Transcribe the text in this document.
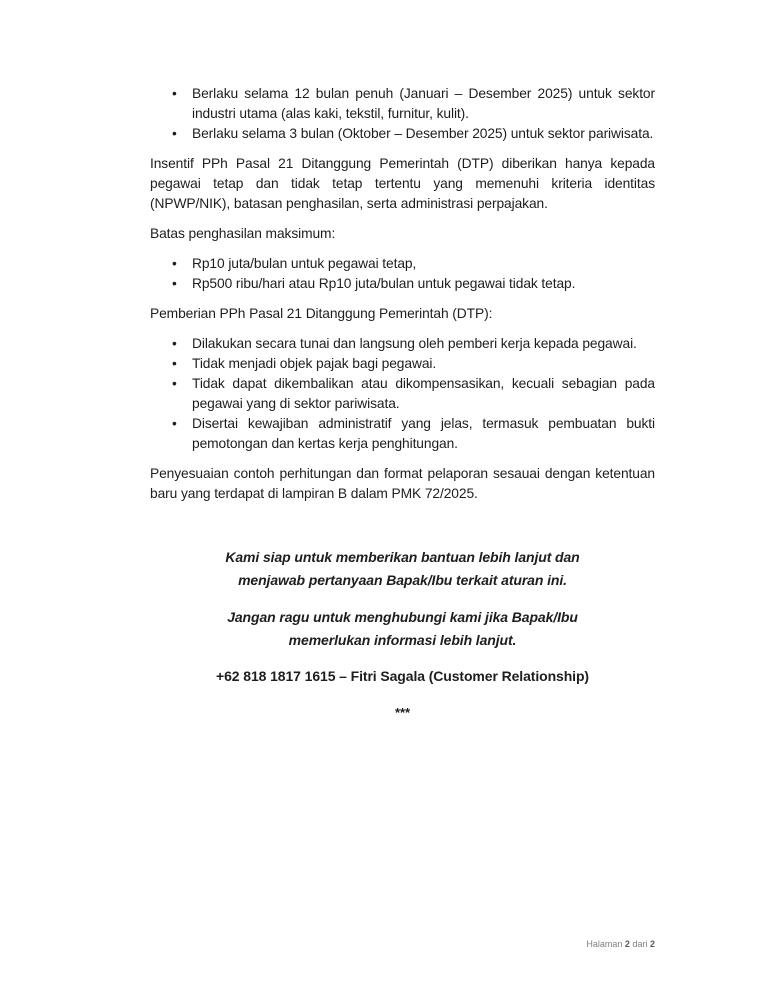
• Berlaku selama 12 bulan penuh (Januari – Desember 2025) untuk sektor industri utama (alas kaki, tekstil, furnitur, kulit).
• Berlaku selama 3 bulan (Oktober – Desember 2025) untuk sektor pariwisata.

Insentif PPh Pasal 21 Ditanggung Pemerintah (DTP) diberikan hanya kepada pegawai tetap dan tidak tetap tertentu yang memenuhi kriteria identitas (NPWP/NIK), batasan penghasilan, serta administrasi perpajakan.

Batas penghasilan maksimum:

• Rp10 juta/bulan untuk pegawai tetap,
• Rp500 ribu/hari atau Rp10 juta/bulan untuk pegawai tidak tetap.

Pemberian PPh Pasal 21 Ditanggung Pemerintah (DTP):

• Dilakukan secara tunai dan langsung oleh pemberi kerja kepada pegawai.
• Tidak menjadi objek pajak bagi pegawai.
• Tidak dapat dikembalikan atau dikompensasikan, kecuali sebagian pada pegawai yang di sektor pariwisata.
• Disertai kewajiban administratif yang jelas, termasuk pembuatan bukti pemotongan dan kertas kerja penghitungan.

Penyesuaian contoh perhitungan dan format pelaporan sesauai dengan ketentuan baru yang terdapat di lampiran B dalam PMK 72/2025.

Kami siap untuk memberikan bantuan lebih lanjut dan menjawab pertanyaan Bapak/Ibu terkait aturan ini.

Jangan ragu untuk menghubungi kami jika Bapak/Ibu memerlukan informasi lebih lanjut.

+62 818 1817 1615 – Fitri Sagala (Customer Relationship)

***

Halaman 2 dari 2
